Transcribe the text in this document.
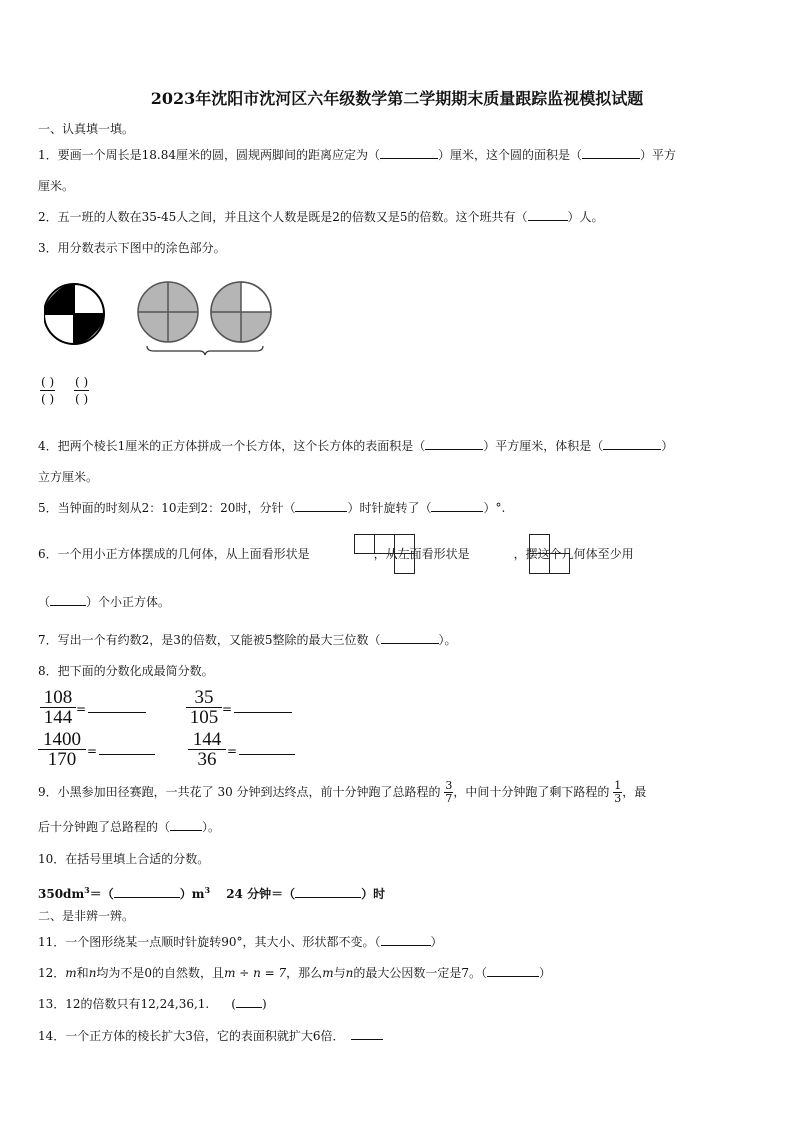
2023年沈阳市沈河区六年级数学第二学期期末质量跟踪监视模拟试题
一、认真填一填。
1．要画一个周长是18.84厘米的圆，圆规两脚间的距离应定为（	）厘米，这个圆的面积是（	）平方
厘米。
2．五一班的人数在35-45人之间，并且这个人数是既是2的倍数又是5的倍数。这个班共有（	）人。
3．用分数表示下图中的涂色部分。
$\frac{( )}{( )} \frac{( )}{( )}$
4．把两个棱长1厘米的正方体拼成一个长方体，这个长方体的表面积是（	）平方厘米，体积是（	）
立方厘米。
5．当钟面的时刻从2：10走到2：20时，分针（	）时针旋转了（	）°.
6．一个用小正方体摆成的几何体，从上面看形状是	，从左面看形状是	，摆这个几何体至少用
（	）个小正方体。
7．写出一个有约数2，是3的倍数，又能被5整除的最大三位数（	）。
8．把下面的分数化成最简分数。
$\frac{108}{144}$ =	$\frac{35}{105}$ =
$\frac{1400}{170}$ =	$\frac{144}{36}$ =
9．小黑参加田径赛跑，一共花了 30 分钟到达终点，前十分钟跑了总路程的 $\frac{3}{7}$ ，中间十分钟跑了剩下路程的 $\frac{1}{3}$ ，最
后十分钟跑了总路程的（	）。
10．在括号里填上合适的分数。
$350dm^3=$（	）$m^3$ 24 分钟＝（	）时
二、是非辨一辨。
11．一个图形绕某一点顺时针旋转90°，其大小、形状都不变。（	）
12．m和n均为不是0的自然数，且m ÷ n = 7，那么m与n的最大公因数一定是7。（	）
13．12的倍数只有12,24,36,1. ( )
14．一个正方体的棱长扩大3倍，它的表面积就扩大6倍．
